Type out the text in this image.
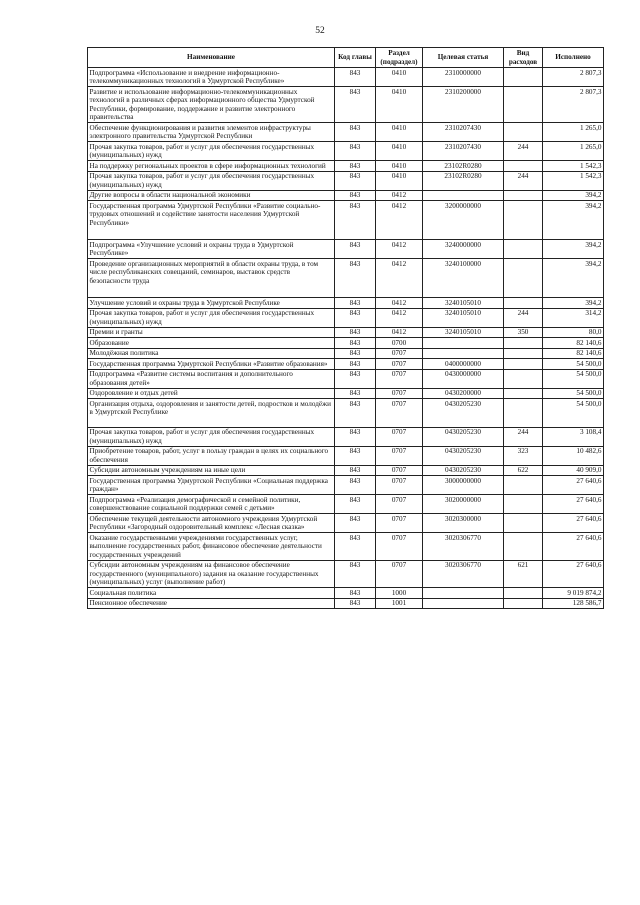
52
Наименование	Код главы	Раздел (подраздел)	Целевая статья	Вид расходов	Исполнено
Подпрограмма «Использование и внедрение информационно-телекоммуникационных технологий в Удмуртской Республике»	843	0410	2310000000		2 807,3
Развитие и использование информационно-телекоммуникационных технологий в различных сферах информационного общества Удмуртской Республики, формирование, поддержание и развитие электронного правительства	843	0410	2310200000		2 807,3
Обеспечение функционирования и развития элементов инфраструктуры электронного правительства Удмуртской Республики	843	0410	2310207430		1 265,0
Прочая закупка товаров, работ и услуг для обеспечения государственных (муниципальных) нужд	843	0410	2310207430	244	1 265,0
На поддержку региональных проектов в сфере информационных технологий	843	0410	23102R0280		1 542,3
Прочая закупка товаров, работ и услуг для обеспечения государственных (муниципальных) нужд	843	0410	23102R0280	244	1 542,3
Другие вопросы в области национальной экономики	843	0412			394,2
Государственная программа Удмуртской Республики «Развитие социально-трудовых отношений и содействие занятости населения Удмуртской Республики»	843	0412	3200000000		394,2
Подпрограмма «Улучшение условий и охраны труда в Удмуртской Республике»	843	0412	3240000000		394,2
Проведение организационных мероприятий в области охраны труда, в том числе республиканских совещаний, семинаров, выставок средств безопасности труда	843	0412	3240100000		394,2
Улучшение условий и охраны труда в Удмуртской Республике	843	0412	3240105010		394,2
Прочая закупка товаров, работ и услуг для обеспечения государственных (муниципальных) нужд	843	0412	3240105010	244	314,2
Премии и гранты	843	0412	3240105010	350	80,0
Образование	843	0700			82 140,6
Молодёжная политика	843	0707			82 140,6
Государственная программа Удмуртской Республики «Развитие образования»	843	0707	0400000000		54 500,0
Подпрограмма «Развитие системы воспитания и дополнительного образования детей»	843	0707	0430000000		54 500,0
Оздоровление и отдых детей	843	0707	0430200000		54 500,0
Организация отдыха, оздоровления и занятости детей, подростков и молодёжи в Удмуртской Республике	843	0707	0430205230		54 500,0
Прочая закупка товаров, работ и услуг для обеспечения государственных (муниципальных) нужд	843	0707	0430205230	244	3 108,4
Приобретение товаров, работ, услуг в пользу граждан в целях их социального обеспечения	843	0707	0430205230	323	10 482,6
Субсидии автономным учреждениям на иные цели	843	0707	0430205230	622	40 909,0
Государственная программа Удмуртской Республики «Социальная поддержка граждан»	843	0707	3000000000		27 640,6
Подпрограмма «Реализация демографической и семейной политики, совершенствование социальной поддержки семей с детьми»	843	0707	3020000000		27 640,6
Обеспечение текущей деятельности автономного учреждения Удмуртской Республики «Загородный оздоровительный комплекс «Лесная сказка»	843	0707	3020300000		27 640,6
Оказание государственными учреждениями государственных услуг, выполнение государственных работ, финансовое обеспечение деятельности государственных учреждений	843	0707	3020306770		27 640,6
Субсидии автономным учреждениям на финансовое обеспечение государственного (муниципального) задания на оказание государственных (муниципальных) услуг (выполнение работ)	843	0707	3020306770	621	27 640,6
Социальная политика	843	1000			9 019 874,2
Пенсионное обеспечение	843	1001			128 586,7
